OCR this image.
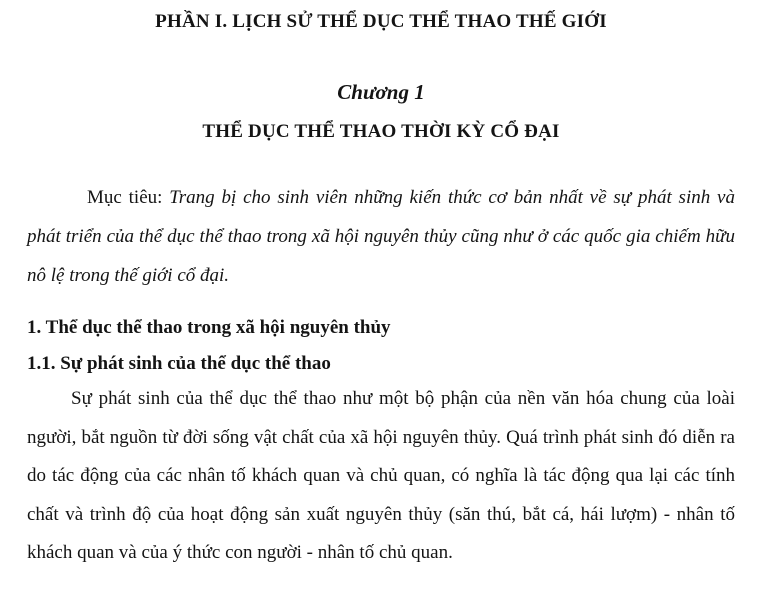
PHẦN I. LỊCH SỬ THỂ DỤC THỂ THAO THẾ GIỚI
Chương 1
THỂ DỤC THỂ THAO THỜI KỲ CỔ ĐẠI

Mục tiêu: Trang bị cho sinh viên những kiến thức cơ bản nhất về sự phát sinh và phát triển của thể dục thể thao trong xã hội nguyên thủy cũng như ở các quốc gia chiếm hữu nô lệ trong thế giới cổ đại.

1. Thể dục thể thao trong xã hội nguyên thủy
1.1. Sự phát sinh của thể dục thể thao

Sự phát sinh của thể dục thể thao như một bộ phận của nền văn hóa chung của loài người, bắt nguồn từ đời sống vật chất của xã hội nguyên thủy. Quá trình phát sinh đó diễn ra do tác động của các nhân tố khách quan và chủ quan, có nghĩa là tác động qua lại các tính chất và trình độ của hoạt động sản xuất nguyên thủy (săn thú, bắt cá, hái lượm) - nhân tố khách quan và của ý thức con người - nhân tố chủ quan.
